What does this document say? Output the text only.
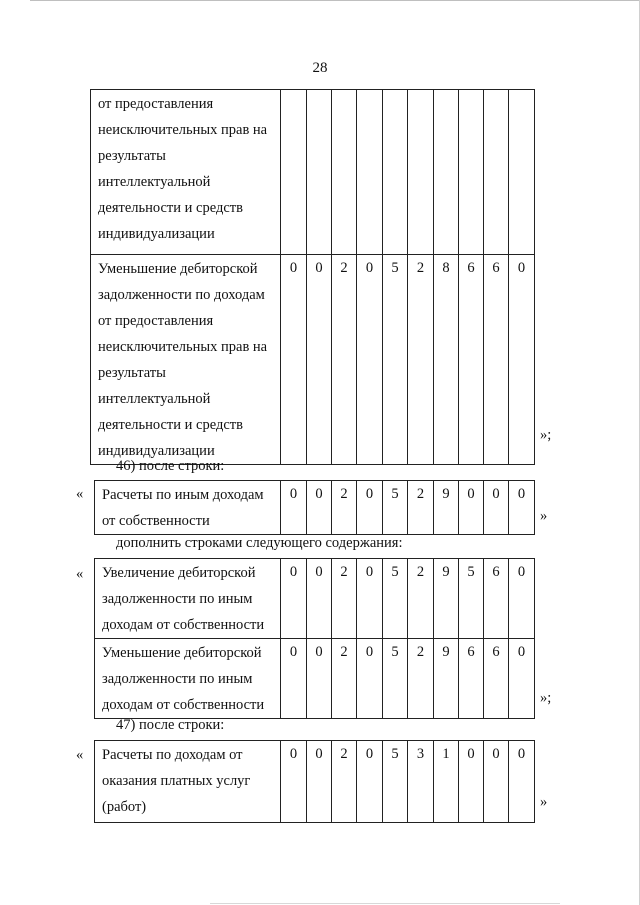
28
от предоставления неисключительных прав на результаты интеллектуальной деятельности и средств индивидуализации										
Уменьшение дебиторской задолженности по доходам от предоставления неисключительных прав на результаты интеллектуальной деятельности и средств индивидуализации	0	0	2	0	5	2	8	6	6	0
»;
46) после строки:
« Расчеты по иным доходам от собственности	0	0	2	0	5	2	9	0	0	0
»
дополнить строками следующего содержания:
« Увеличение дебиторской задолженности по иным доходам от собственности	0	0	2	0	5	2	9	5	6	0
Уменьшение дебиторской задолженности по иным доходам от собственности	0	0	2	0	5	2	9	6	6	0
»;
47) после строки:
« Расчеты по доходам от оказания платных услуг (работ)	0	0	2	0	5	3	1	0	0	0
»
